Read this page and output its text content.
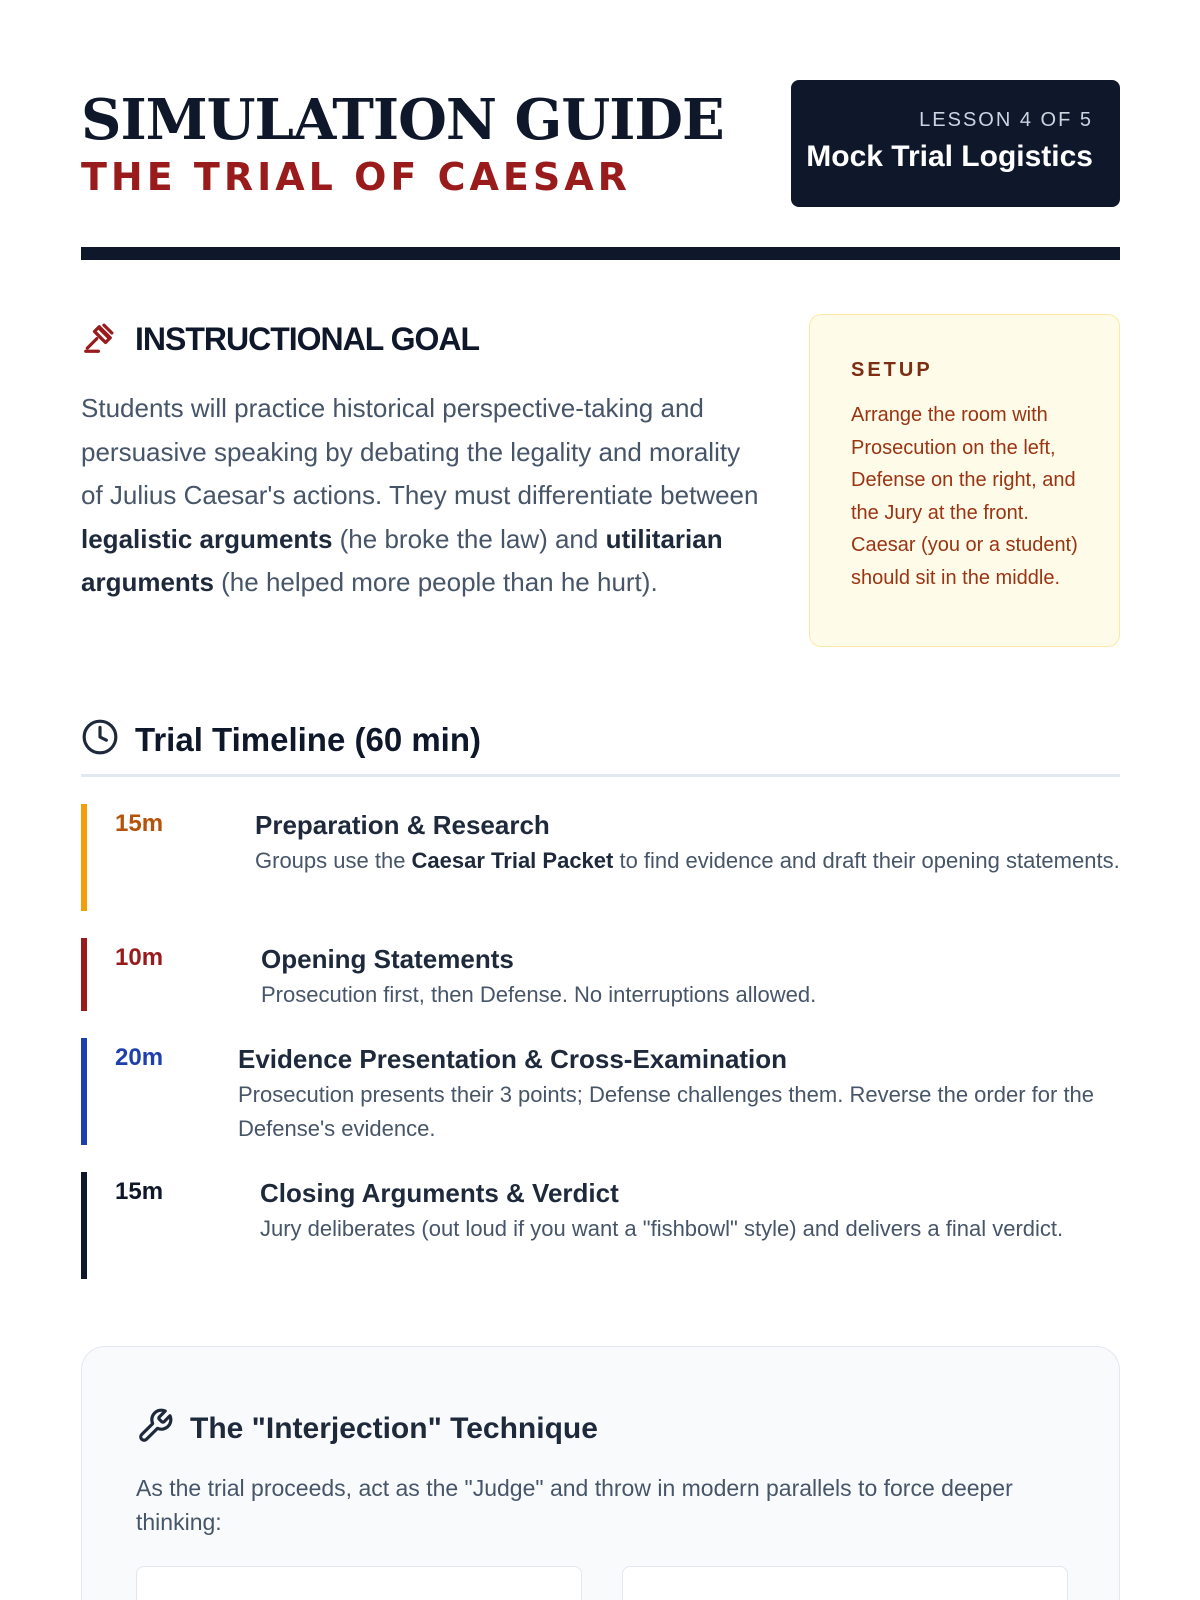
SIMULATION GUIDE
THE TRIAL OF CAESAR
LESSON 4 OF 5
Mock Trial Logistics
INSTRUCTIONAL GOAL
Students will practice historical perspective-taking and persuasive speaking by debating the legality and morality of Julius Caesar's actions. They must differentiate between legalistic arguments (he broke the law) and utilitarian arguments (he helped more people than he hurt).
SETUP
Arrange the room with Prosecution on the left, Defense on the right, and the Jury at the front. Caesar (you or a student) should sit in the middle.
Trial Timeline (60 min)
15m	Preparation & Research
Groups use the Caesar Trial Packet to find evidence and draft their opening statements.
10m	Opening Statements
Prosecution first, then Defense. No interruptions allowed.
20m	Evidence Presentation & Cross-Examination
Prosecution presents their 3 points; Defense challenges them. Reverse the order for the Defense's evidence.
15m	Closing Arguments & Verdict
Jury deliberates (out loud if you want a "fishbowl" style) and delivers a final verdict.
The "Interjection" Technique
As the trial proceeds, act as the "Judge" and throw in modern parallels to force deeper thinking:
